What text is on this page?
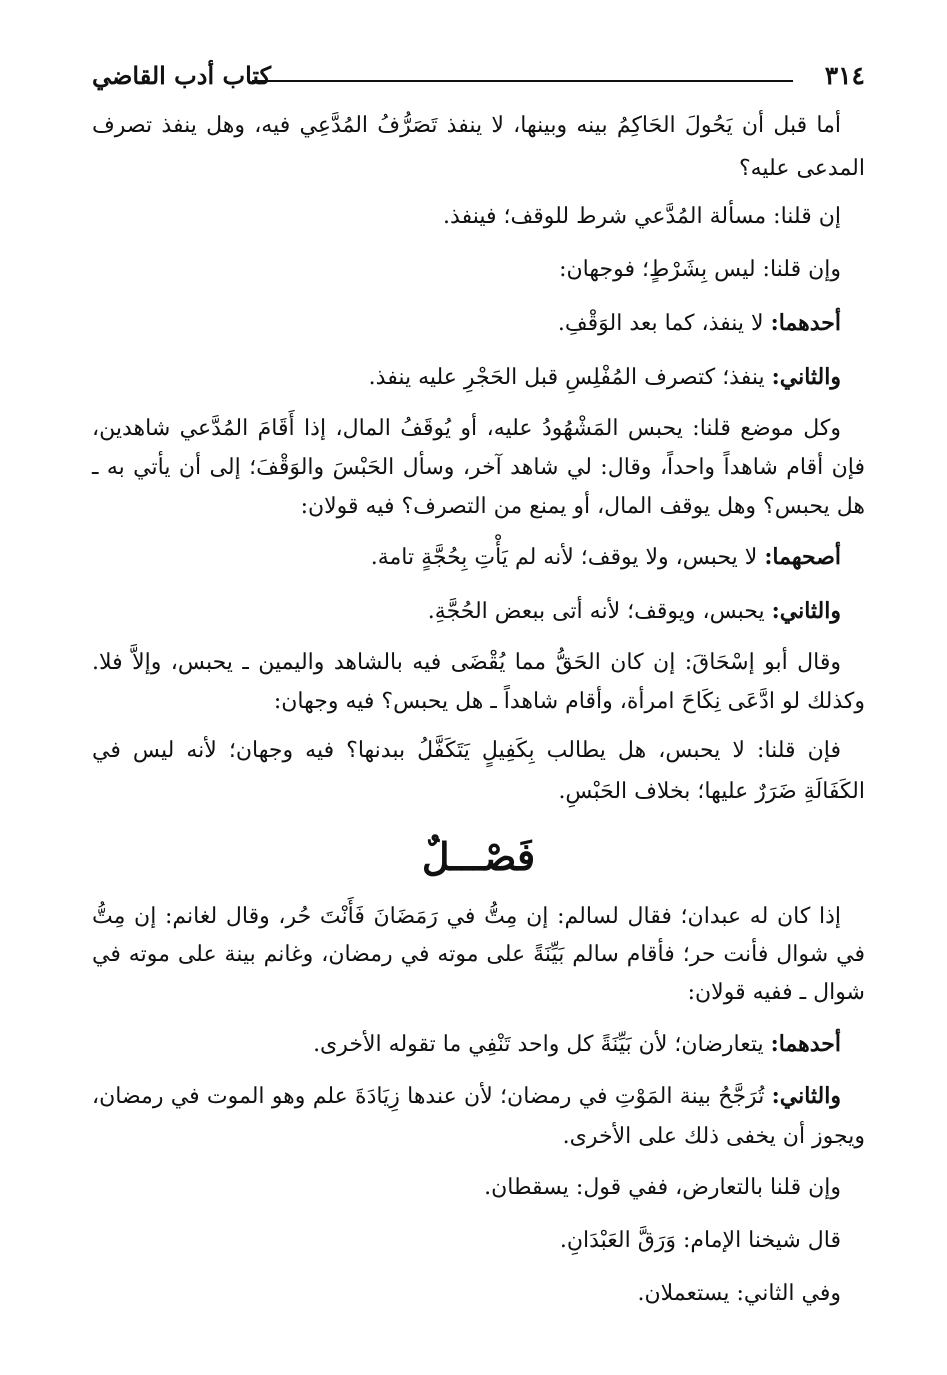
٣١٤
كتاب أدب القاضي

أما قبل أن يَحُولَ الحَاكِمُ بينه وبينها، لا ينفذ تَصَرُّفُ المُدَّعِي فيه، وهل ينفذ تصرف المدعى عليه؟

إن قلنا: مسألة المُدَّعي شرط للوقف؛ فينفذ.

وإن قلنا: ليس بِشَرْطٍ؛ فوجهان:

أحدهما: لا ينفذ، كما بعد الوَقْفِ.

والثاني: ينفذ؛ كتصرف المُفْلِسِ قبل الحَجْرِ عليه ينفذ.

وكل موضع قلنا: يحبس المَشْهُودُ عليه، أو يُوقَفُ المال، إذا أَقَامَ المُدَّعي شاهدين، فإن أقام شاهداً واحداً، وقال: لي شاهد آخر، وسأل الحَبْسَ والوَقْفَ؛ إلى أن يأتي به ـ هل يحبس؟ وهل يوقف المال، أو يمنع من التصرف؟ فيه قولان:

أصحهما: لا يحبس، ولا يوقف؛ لأنه لم يَأْتِ بِحُجَّةٍ تامة.

والثاني: يحبس، ويوقف؛ لأنه أتى ببعض الحُجَّةِ.

وقال أبو إسْحَاقَ: إن كان الحَقُّ مما يُقْضَى فيه بالشاهد واليمين ـ يحبس، وإلاَّ فلا. وكذلك لو ادَّعَى نِكَاحَ امرأة، وأقام شاهداً ـ هل يحبس؟ فيه وجهان:

فإن قلنا: لا يحبس، هل يطالب بِكَفِيلٍ يَتَكَفَّلُ ببدنها؟ فيه وجهان؛ لأنه ليس في الكَفَالَةِ ضَرَرٌ عليها؛ بخلاف الحَبْسِ.

فَصْـــلٌ

إذا كان له عبدان؛ فقال لسالم: إن مِتُّ في رَمَضَانَ فَأَنْتَ حُر، وقال لغانم: إن مِتُّ في شوال فأنت حر؛ فأقام سالم بَيِّنَةً على موته في رمضان، وغانم بينة على موته في شوال ـ ففيه قولان:

أحدهما: يتعارضان؛ لأن بَيِّنَةً كل واحد تَنْفِي ما تقوله الأخرى.

والثاني: تُرَجَّحُ بينة المَوْتِ في رمضان؛ لأن عندها زِيَادَةَ علم وهو الموت في رمضان، ويجوز أن يخفى ذلك على الأخرى.

وإن قلنا بالتعارض، ففي قول: يسقطان.

قال شيخنا الإمام: وَرَقَّ العَبْدَانِ.

وفي الثاني: يستعملان.
